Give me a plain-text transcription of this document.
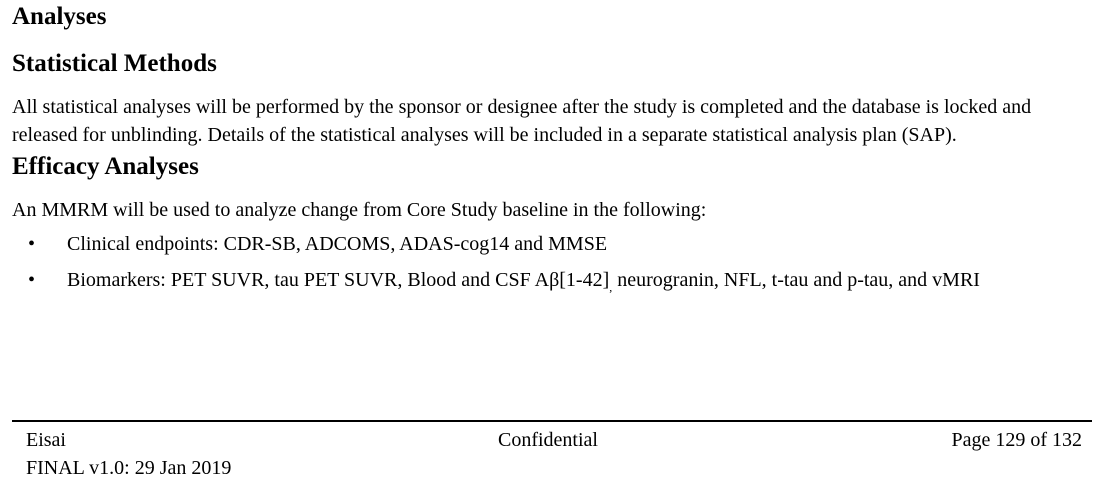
Analyses
Statistical Methods

All statistical analyses will be performed by the sponsor or designee after the study is completed and the database is locked and released for unblinding. Details of the statistical analyses will be included in a separate statistical analysis plan (SAP).

Efficacy Analyses

An MMRM will be used to analyze change from Core Study baseline in the following:

• Clinical endpoints: CDR-SB, ADCOMS, ADAS-cog14 and MMSE
• Biomarkers: PET SUVR, tau PET SUVR, Blood and CSF $A\beta[1-42]_,$ neurogranin, NFL, t-tau and p-tau, and vMRI
Eisai	Confidential	Page 129 of 132
FINAL v1.0: 29 Jan 2019
